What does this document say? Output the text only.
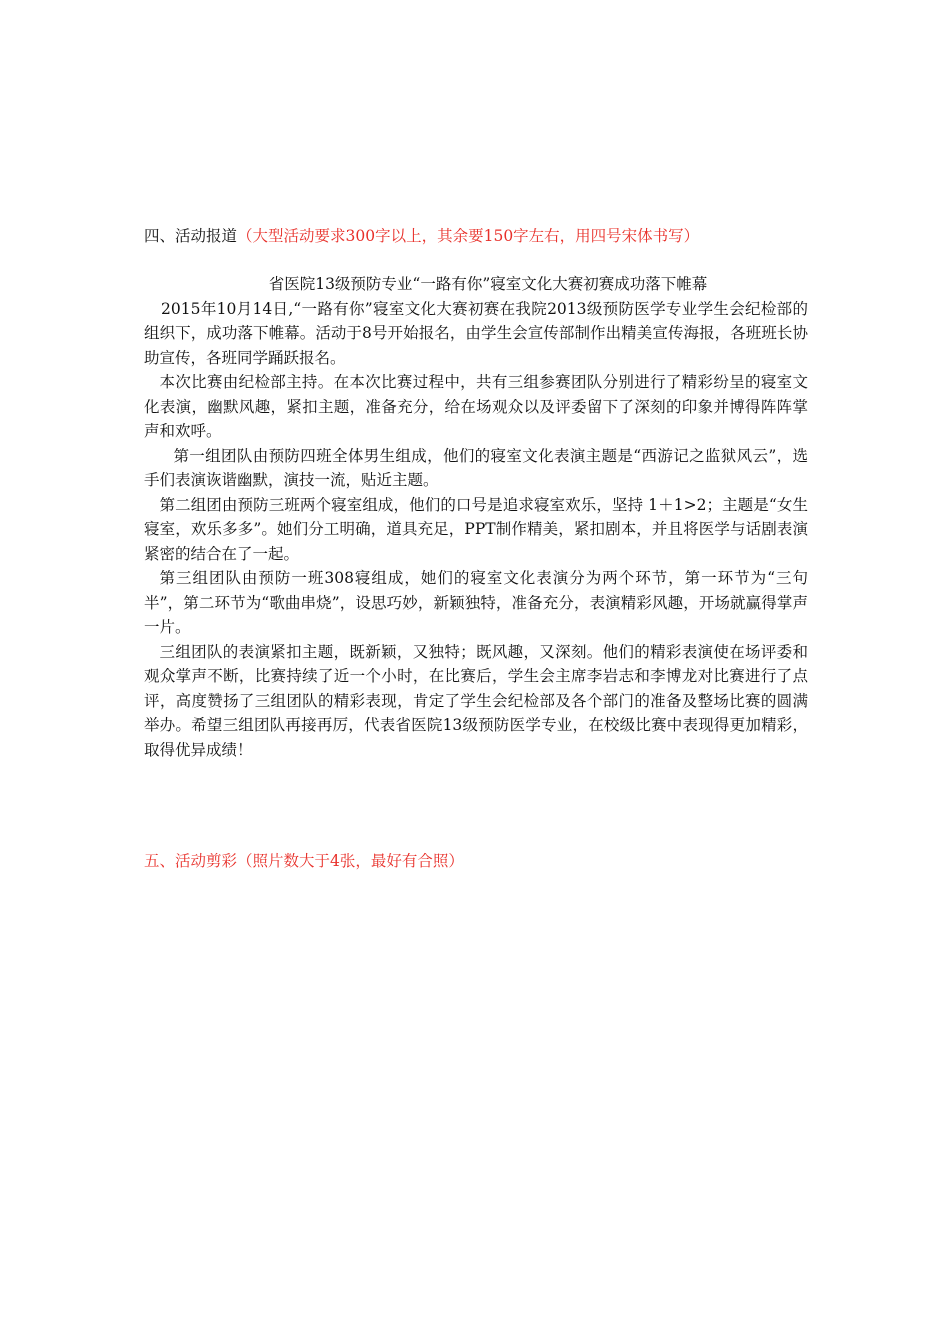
四、活动报道（大型活动要求300字以上，其余要150字左右，用四号宋体书写）

省医院13级预防专业“一路有你”寝室文化大赛初赛成功落下帷幕

2015年10月14日,“一路有你”寝室文化大赛初赛在我院2013级预防医学专业学生会纪检部的组织下，成功落下帷幕。活动于8号开始报名，由学生会宣传部制作出精美宣传海报，各班班长协助宣传，各班同学踊跃报名。

本次比赛由纪检部主持。在本次比赛过程中，共有三组参赛团队分别进行了精彩纷呈的寝室文化表演，幽默风趣，紧扣主题，准备充分，给在场观众以及评委留下了深刻的印象并博得阵阵掌声和欢呼。

第一组团队由预防四班全体男生组成，他们的寝室文化表演主题是“西游记之监狱风云”，选手们表演诙谐幽默，演技一流，贴近主题。

第二组团由预防三班两个寝室组成，他们的口号是追求寝室欢乐，坚持 1＋1>2；主题是“女生寝室，欢乐多多”。她们分工明确，道具充足，PPT制作精美，紧扣剧本，并且将医学与话剧表演紧密的结合在了一起。

第三组团队由预防一班308寝组成，她们的寝室文化表演分为两个环节，第一环节为“三句半”，第二环节为“歌曲串烧”，设思巧妙，新颖独特，准备充分，表演精彩风趣，开场就赢得掌声一片。

三组团队的表演紧扣主题，既新颖，又独特；既风趣，又深刻。他们的精彩表演使在场评委和观众掌声不断，比赛持续了近一个小时，在比赛后，学生会主席李岩志和李博龙对比赛进行了点评，高度赞扬了三组团队的精彩表现，肯定了学生会纪检部及各个部门的准备及整场比赛的圆满举办。希望三组团队再接再厉，代表省医院13级预防医学专业，在校级比赛中表现得更加精彩，取得优异成绩！

五、活动剪彩（照片数大于4张，最好有合照）
